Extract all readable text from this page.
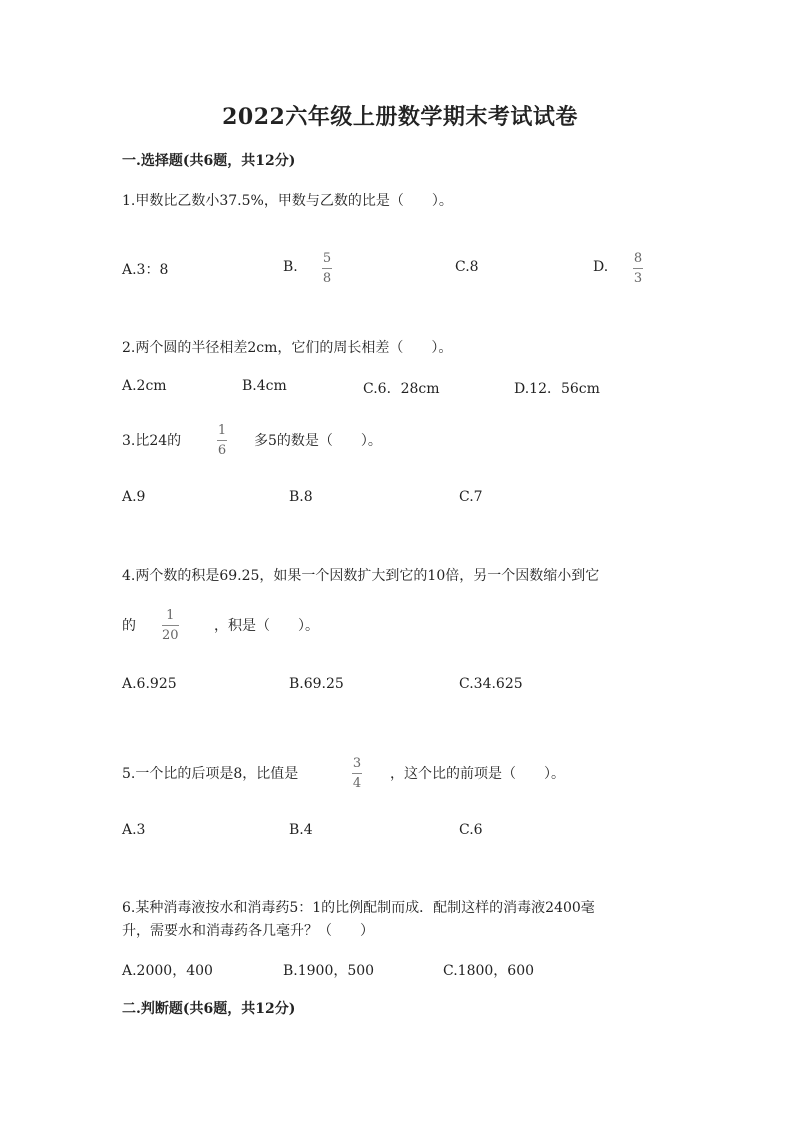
2022六年级上册数学期末考试试卷
一.选择题(共6题，共12分)
1.甲数比乙数小37.5%，甲数与乙数的比是（　　）。
A.3：8	B.
5
8
C.8	D.
8
3
2.两个圆的半径相差2cm，它们的周长相差（　　）。
A.2cm	B.4cm	C.6．28cm	D.12．56cm
3.比24的
1
6
多5的数是（　　）。
A.9	B.8	C.7
4.两个数的积是69.25，如果一个因数扩大到它的10倍，另一个因数缩小到它
的
1
20
，积是（　　）。
A.6.925	B.69.25	C.34.625
5.一个比的后项是8，比值是
3
4
，这个比的前项是（　　）。
A.3	B.4	C.6
6.某种消毒液按水和消毒药5：1的比例配制而成．配制这样的消毒液2400毫
升，需要水和消毒药各几毫升？（　　）
A.2000，400	B.1900，500	C.1800，600
二.判断题(共6题，共12分)
